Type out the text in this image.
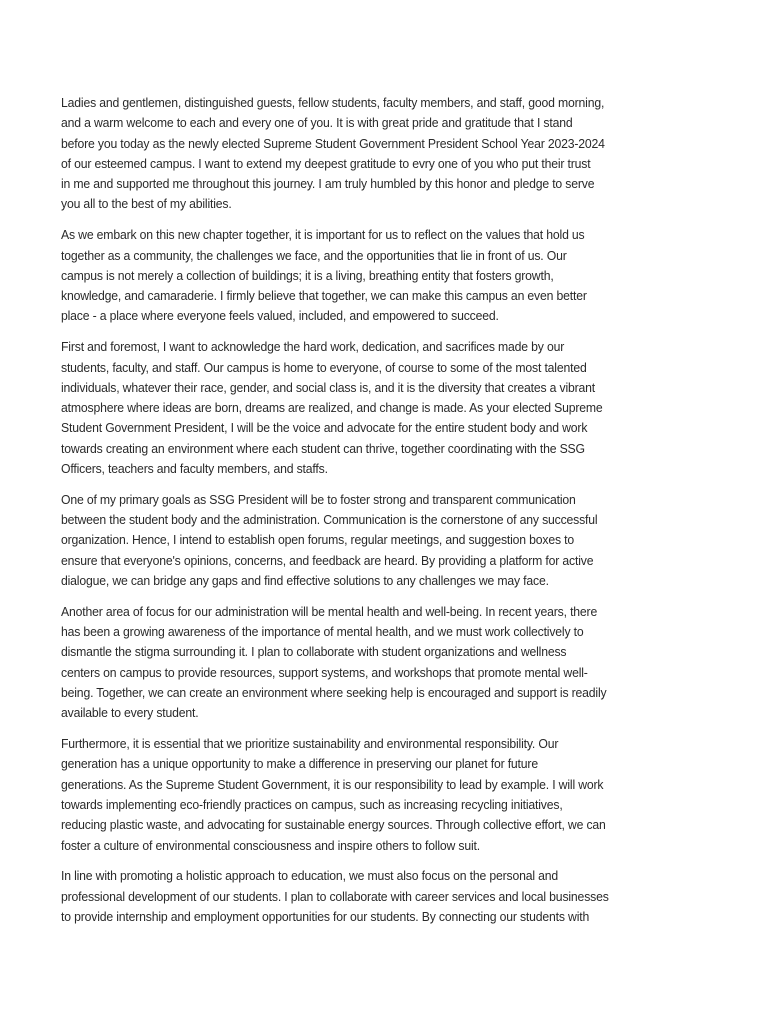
Ladies and gentlemen, distinguished guests, fellow students, faculty members, and staff, good morning,
and a warm welcome to each and every one of you. It is with great pride and gratitude that I stand
before you today as the newly elected Supreme Student Government President School Year 2023-2024
of our esteemed campus. I want to extend my deepest gratitude to evry one of you who put their trust
in me and supported me throughout this journey. I am truly humbled by this honor and pledge to serve
you all to the best of my abilities.

As we embark on this new chapter together, it is important for us to reflect on the values that hold us
together as a community, the challenges we face, and the opportunities that lie in front of us. Our
campus is not merely a collection of buildings; it is a living, breathing entity that fosters growth,
knowledge, and camaraderie. I firmly believe that together, we can make this campus an even better
place - a place where everyone feels valued, included, and empowered to succeed.

First and foremost, I want to acknowledge the hard work, dedication, and sacrifices made by our
students, faculty, and staff. Our campus is home to everyone, of course to some of the most talented
individuals, whatever their race, gender, and social class is, and it is the diversity that creates a vibrant
atmosphere where ideas are born, dreams are realized, and change is made. As your elected Supreme
Student Government President, I will be the voice and advocate for the entire student body and work
towards creating an environment where each student can thrive, together coordinating with the SSG
Officers, teachers and faculty members, and staffs.

One of my primary goals as SSG President will be to foster strong and transparent communication
between the student body and the administration. Communication is the cornerstone of any successful
organization. Hence, I intend to establish open forums, regular meetings, and suggestion boxes to
ensure that everyone's opinions, concerns, and feedback are heard. By providing a platform for active
dialogue, we can bridge any gaps and find effective solutions to any challenges we may face.

Another area of focus for our administration will be mental health and well-being. In recent years, there
has been a growing awareness of the importance of mental health, and we must work collectively to
dismantle the stigma surrounding it. I plan to collaborate with student organizations and wellness
centers on campus to provide resources, support systems, and workshops that promote mental well-
being. Together, we can create an environment where seeking help is encouraged and support is readily
available to every student.

Furthermore, it is essential that we prioritize sustainability and environmental responsibility. Our
generation has a unique opportunity to make a difference in preserving our planet for future
generations. As the Supreme Student Government, it is our responsibility to lead by example. I will work
towards implementing eco-friendly practices on campus, such as increasing recycling initiatives,
reducing plastic waste, and advocating for sustainable energy sources. Through collective effort, we can
foster a culture of environmental consciousness and inspire others to follow suit.

In line with promoting a holistic approach to education, we must also focus on the personal and
professional development of our students. I plan to collaborate with career services and local businesses
to provide internship and employment opportunities for our students. By connecting our students with
